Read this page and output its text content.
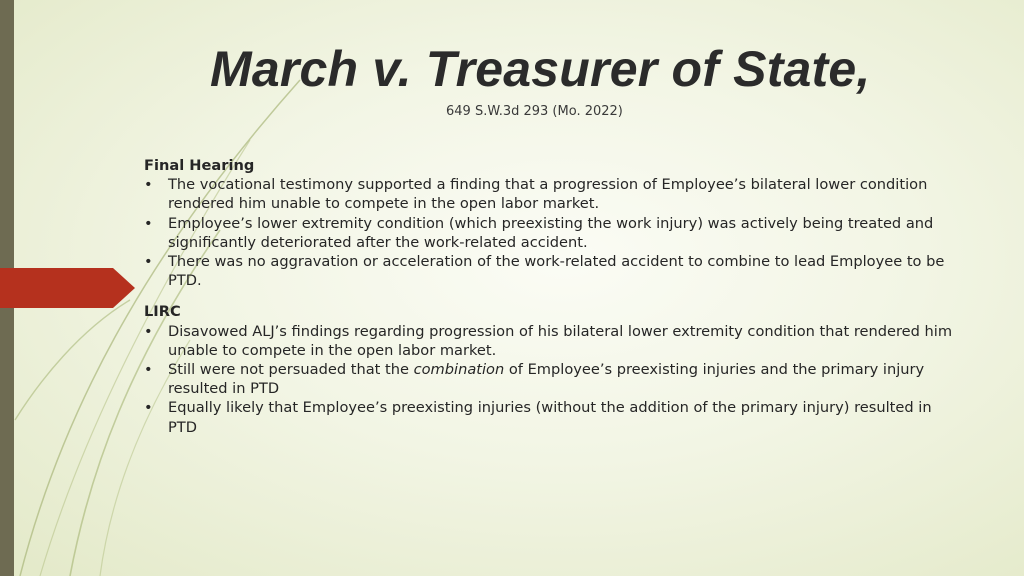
March v. Treasurer of State,
649 S.W.3d 293 (Mo. 2022)
Final Hearing
• The vocational testimony supported a finding that a progression of Employee’s bilateral lower condition rendered him unable to compete in the open labor market.
• Employee’s lower extremity condition (which preexisting the work injury) was actively being treated and significantly deteriorated after the work-related accident.
• There was no aggravation or acceleration of the work-related accident to combine to lead Employee to be PTD.
LIRC
• Disavowed ALJ’s findings regarding progression of his bilateral lower extremity condition that rendered him unable to compete in the open labor market.
• Still were not persuaded that the combination of Employee’s preexisting injuries and the primary injury resulted in PTD
• Equally likely that Employee’s preexisting injuries (without the addition of the primary injury) resulted in PTD
